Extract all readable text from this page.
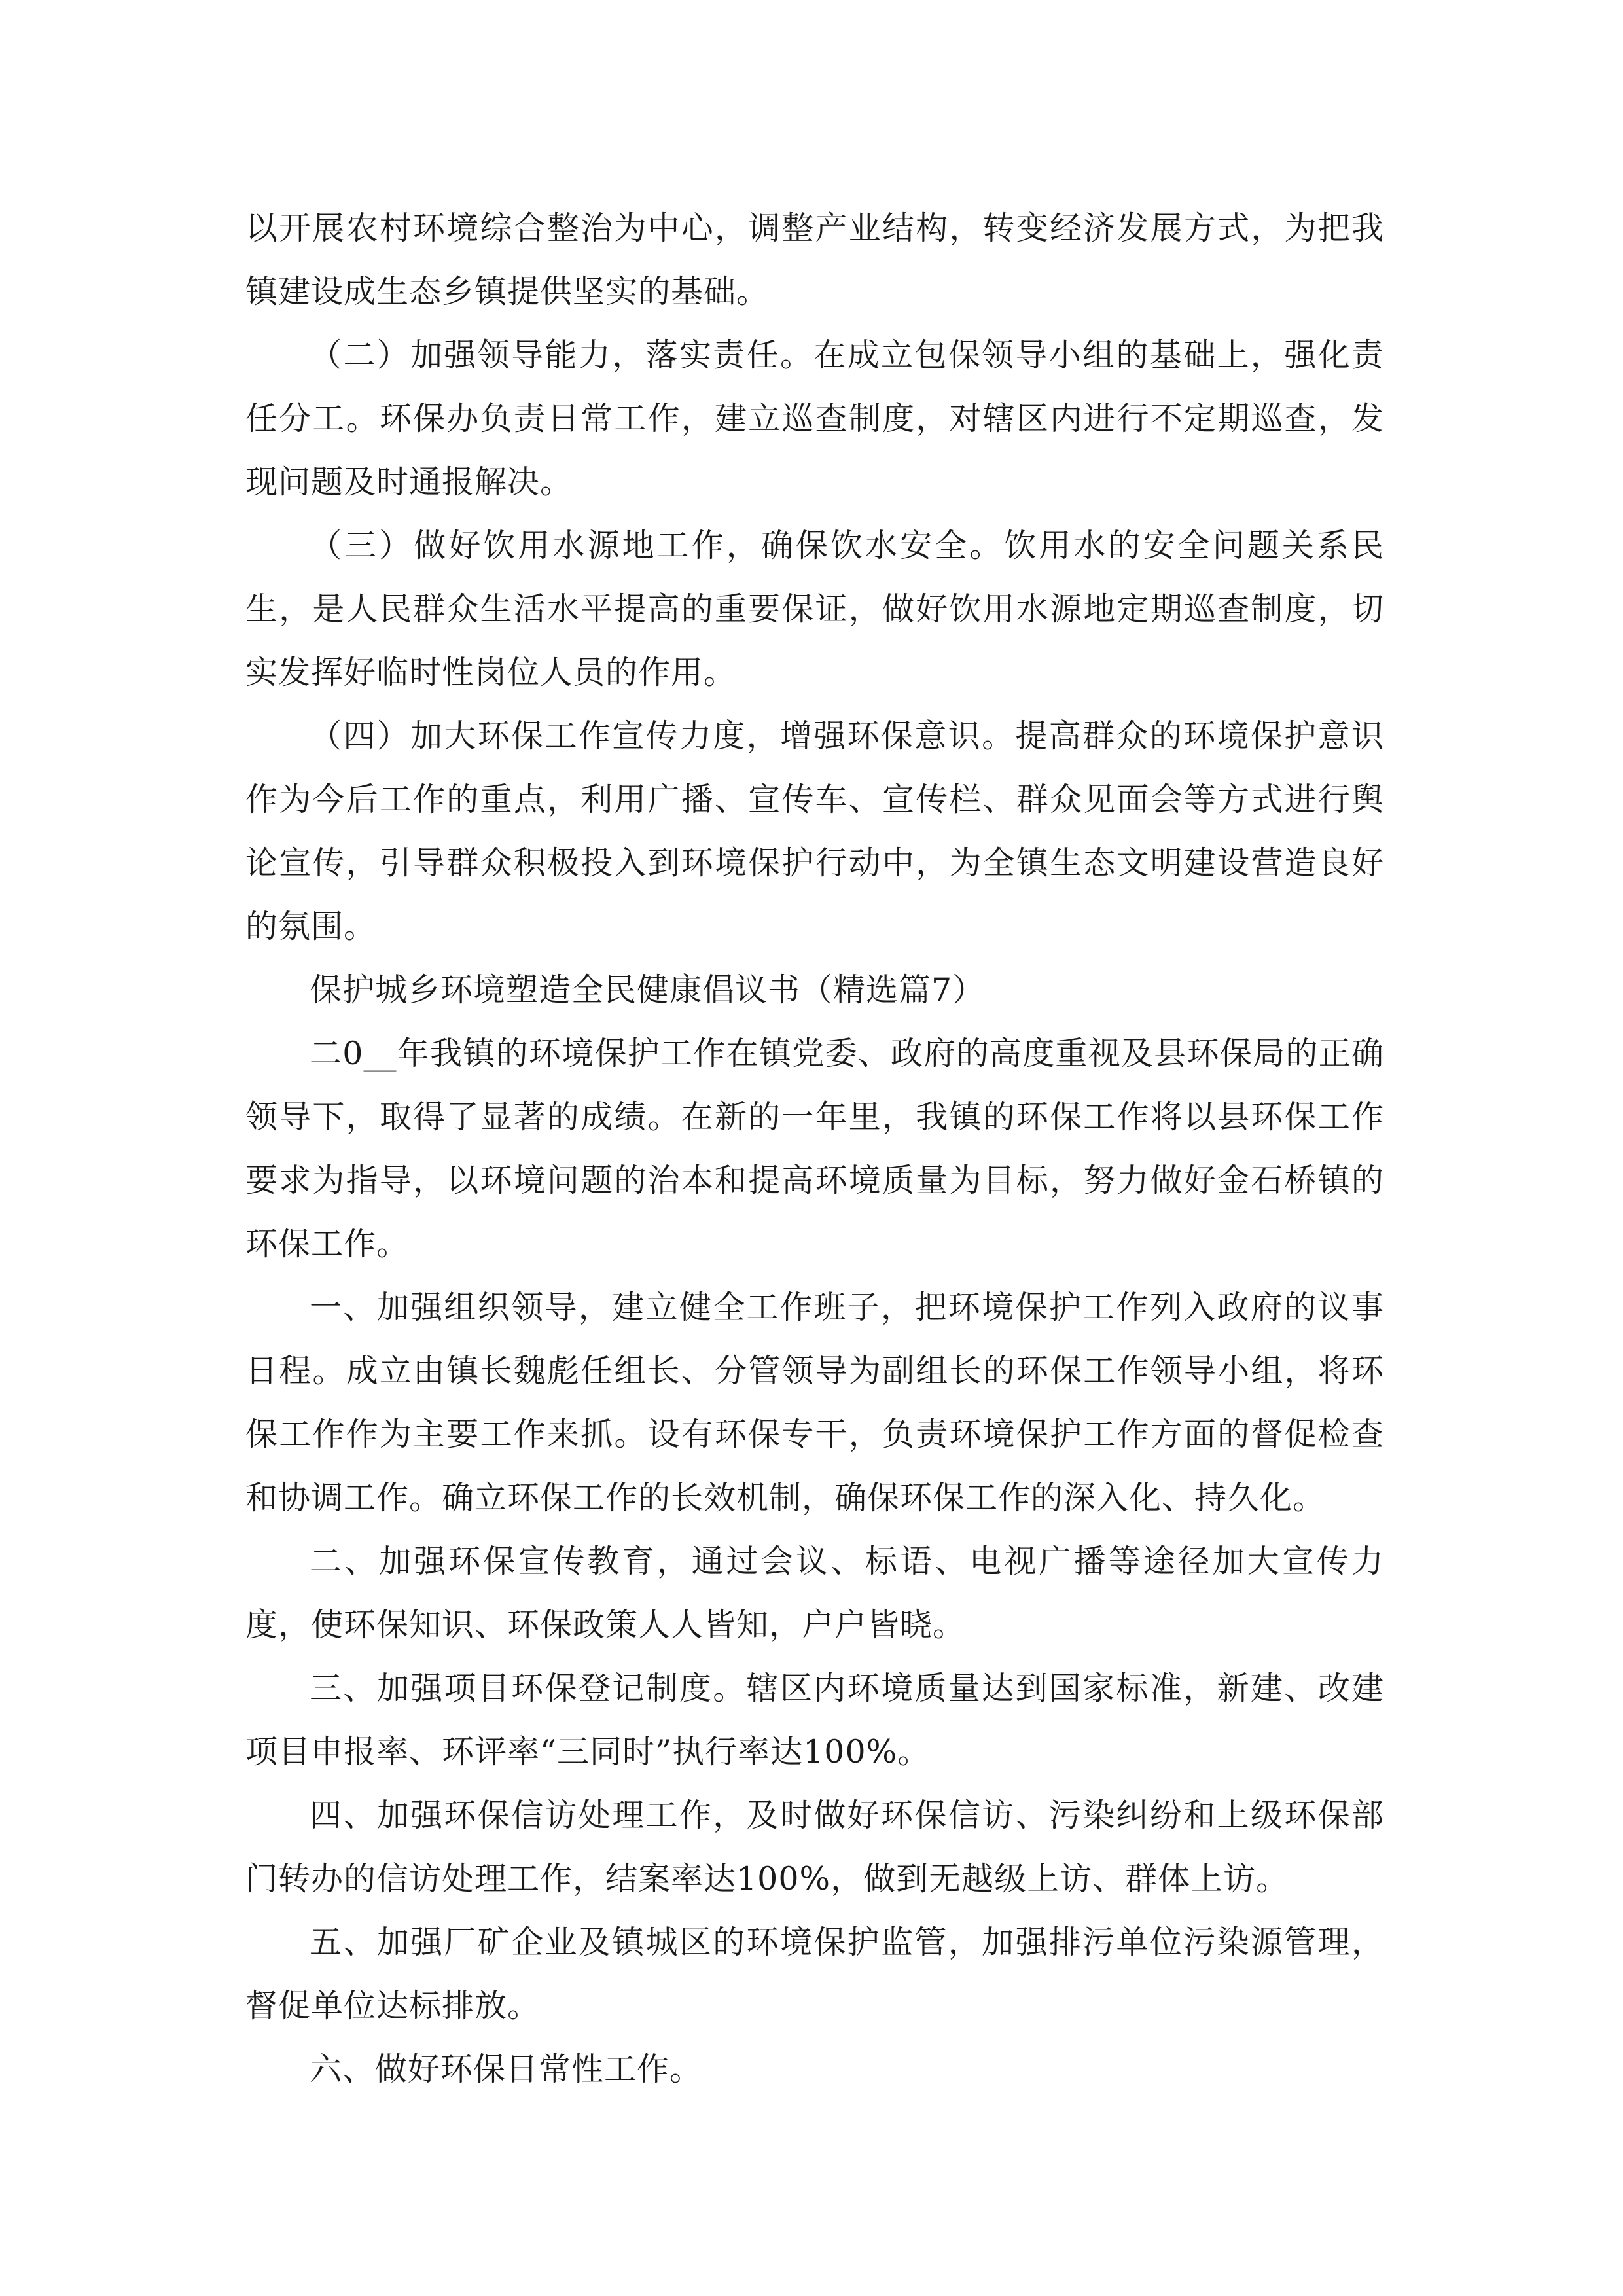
以开展农村环境综合整治为中心，调整产业结构，转变经济发展方式，为把我镇建设成生态乡镇提供坚实的基础。

（二）加强领导能力，落实责任。在成立包保领导小组的基础上，强化责任分工。环保办负责日常工作，建立巡查制度，对辖区内进行不定期巡查，发现问题及时通报解决。

（三）做好饮用水源地工作，确保饮水安全。饮用水的安全问题关系民生，是人民群众生活水平提高的重要保证，做好饮用水源地定期巡查制度，切实发挥好临时性岗位人员的作用。

（四）加大环保工作宣传力度，增强环保意识。提高群众的环境保护意识作为今后工作的重点，利用广播、宣传车、宣传栏、群众见面会等方式进行舆论宣传，引导群众积极投入到环境保护行动中，为全镇生态文明建设营造良好的氛围。

保护城乡环境塑造全民健康倡议书（精选篇7）

二0__年我镇的环境保护工作在镇党委、政府的高度重视及县环保局的正确领导下，取得了显著的成绩。在新的一年里，我镇的环保工作将以县环保工作要求为指导，以环境问题的治本和提高环境质量为目标，努力做好金石桥镇的环保工作。

一、加强组织领导，建立健全工作班子，把环境保护工作列入政府的议事日程。成立由镇长魏彪任组长、分管领导为副组长的环保工作领导小组，将环保工作作为主要工作来抓。设有环保专干，负责环境保护工作方面的督促检查和协调工作。确立环保工作的长效机制，确保环保工作的深入化、持久化。

二、加强环保宣传教育，通过会议、标语、电视广播等途径加大宣传力度，使环保知识、环保政策人人皆知，户户皆晓。

三、加强项目环保登记制度。辖区内环境质量达到国家标准，新建、改建项目申报率、环评率“三同时”执行率达100%。

四、加强环保信访处理工作，及时做好环保信访、污染纠纷和上级环保部门转办的信访处理工作，结案率达100%，做到无越级上访、群体上访。

五、加强厂矿企业及镇城区的环境保护监管，加强排污单位污染源管理，督促单位达标排放。

六、做好环保日常性工作。
